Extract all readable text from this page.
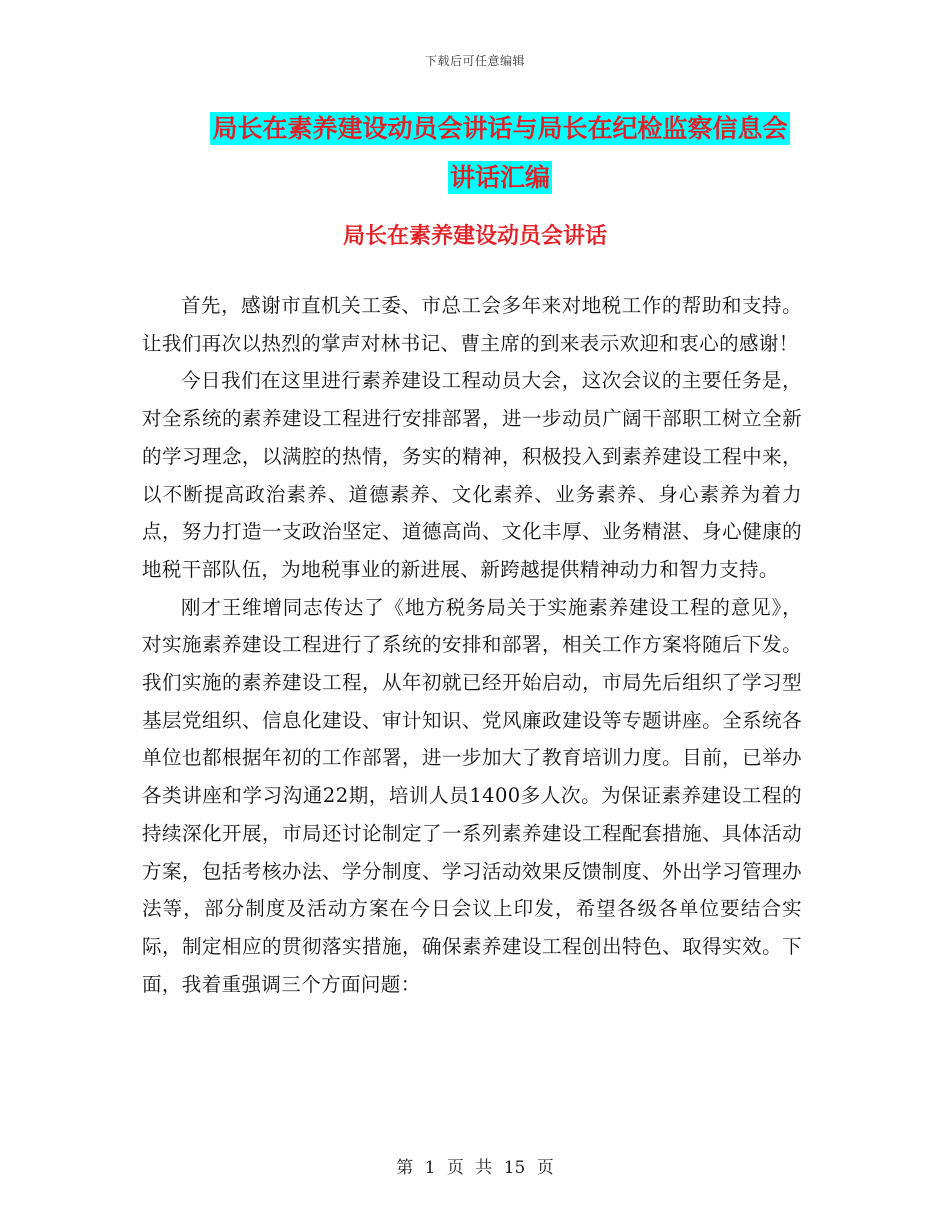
下载后可任意编辑
局长在素养建设动员会讲话与局长在纪检监察信息会
讲话汇编
局长在素养建设动员会讲话

首先，感谢市直机关工委、市总工会多年来对地税工作的帮助和支持。让我们再次以热烈的掌声对林书记、曹主席的到来表示欢迎和衷心的感谢！

今日我们在这里进行素养建设工程动员大会，这次会议的主要任务是，对全系统的素养建设工程进行安排部署，进一步动员广阔干部职工树立全新的学习理念，以满腔的热情，务实的精神，积极投入到素养建设工程中来，以不断提高政治素养、道德素养、文化素养、业务素养、身心素养为着力点，努力打造一支政治坚定、道德高尚、文化丰厚、业务精湛、身心健康的地税干部队伍，为地税事业的新进展、新跨越提供精神动力和智力支持。

刚才王维增同志传达了《地方税务局关于实施素养建设工程的意见》，对实施素养建设工程进行了系统的安排和部署，相关工作方案将随后下发。我们实施的素养建设工程，从年初就已经开始启动，市局先后组织了学习型基层党组织、信息化建设、审计知识、党风廉政建设等专题讲座。全系统各单位也都根据年初的工作部署，进一步加大了教育培训力度。目前，已举办各类讲座和学习沟通22期，培训人员1400多人次。为保证素养建设工程的持续深化开展，市局还讨论制定了一系列素养建设工程配套措施、具体活动方案，包括考核办法、学分制度、学习活动效果反馈制度、外出学习管理办法等，部分制度及活动方案在今日会议上印发，希望各级各单位要结合实际，制定相应的贯彻落实措施，确保素养建设工程创出特色、取得实效。下面，我着重强调三个方面问题：

第 1 页 共 15 页
